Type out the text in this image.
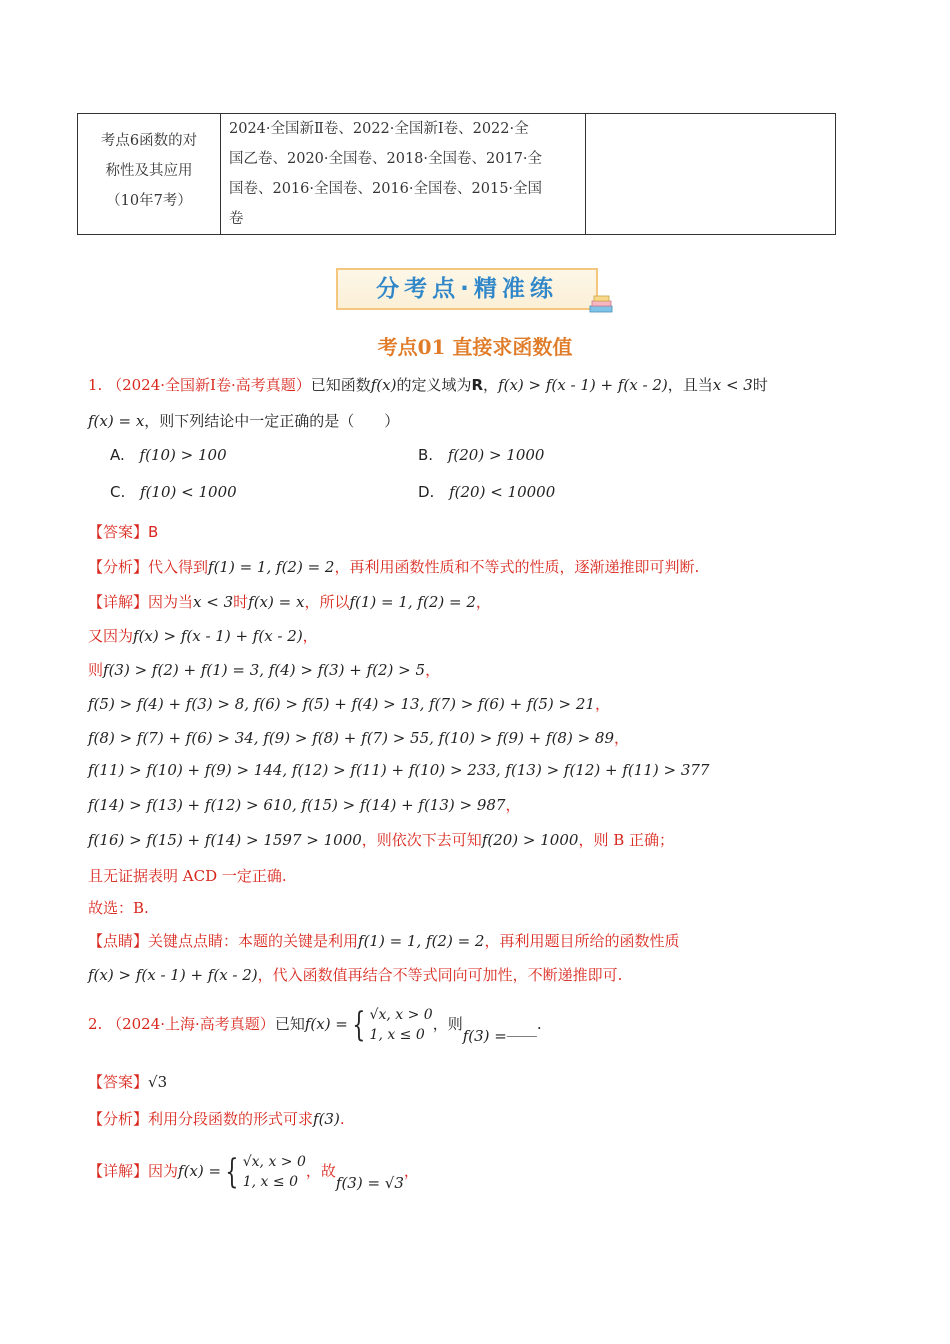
考点6函数的对
称性及其应用
（10年7考）

2024·全国新Ⅱ卷、2022·全国新Ⅰ卷、2022·全
国乙卷、2020·全国卷、2018·全国卷、2017·全
国卷、2016·全国卷、2016·全国卷、2015·全国
卷

分考点·精准练
考点01 直接求函数值
1. （2024·全国新Ⅰ卷·高考真题）已知函数f(x)的定义域为R，f(x) > f(x - 1) + f(x - 2)，且当x < 3时
f(x) = x，则下列结论中一定正确的是（　　）
A. f(10) > 100	B. f(20) > 1000
C. f(10) < 1000	D. f(20) < 10000
【答案】B
【分析】代入得到f(1) = 1, f(2) = 2，再利用函数性质和不等式的性质，逐渐递推即可判断.
【详解】因为当x < 3时f(x) = x，所以f(1) = 1, f(2) = 2，
又因为f(x) > f(x - 1) + f(x - 2)，
则f(3) > f(2) + f(1) = 3, f(4) > f(3) + f(2) > 5，
f(5) > f(4) + f(3) > 8, f(6) > f(5) + f(4) > 13, f(7) > f(6) + f(5) > 21，
f(8) > f(7) + f(6) > 34, f(9) > f(8) + f(7) > 55, f(10) > f(9) + f(8) > 89，
f(11) > f(10) + f(9) > 144, f(12) > f(11) + f(10) > 233, f(13) > f(12) + f(11) > 377
f(14) > f(13) + f(12) > 610, f(15) > f(14) + f(13) > 987，
f(16) > f(15) + f(14) > 1597 > 1000，则依次下去可知f(20) > 1000，则 B 正确；
且无证据表明 ACD 一定正确.
故选：B.
【点睛】关键点点睛：本题的关键是利用f(1) = 1, f(2) = 2，再利用题目所给的函数性质
f(x) > f(x - 1) + f(x - 2)，代入函数值再结合不等式同向可加性，不断递推即可.
2. （2024·上海·高考真题）已知f(x) = { √x, x > 0
1, x ≤ 0
，则f(3) =____.
【答案】√3
【分析】利用分段函数的形式可求f(3).
【详解】因为f(x) = { √x, x > 0
1, x ≤ 0
，故f(3) = √3，
